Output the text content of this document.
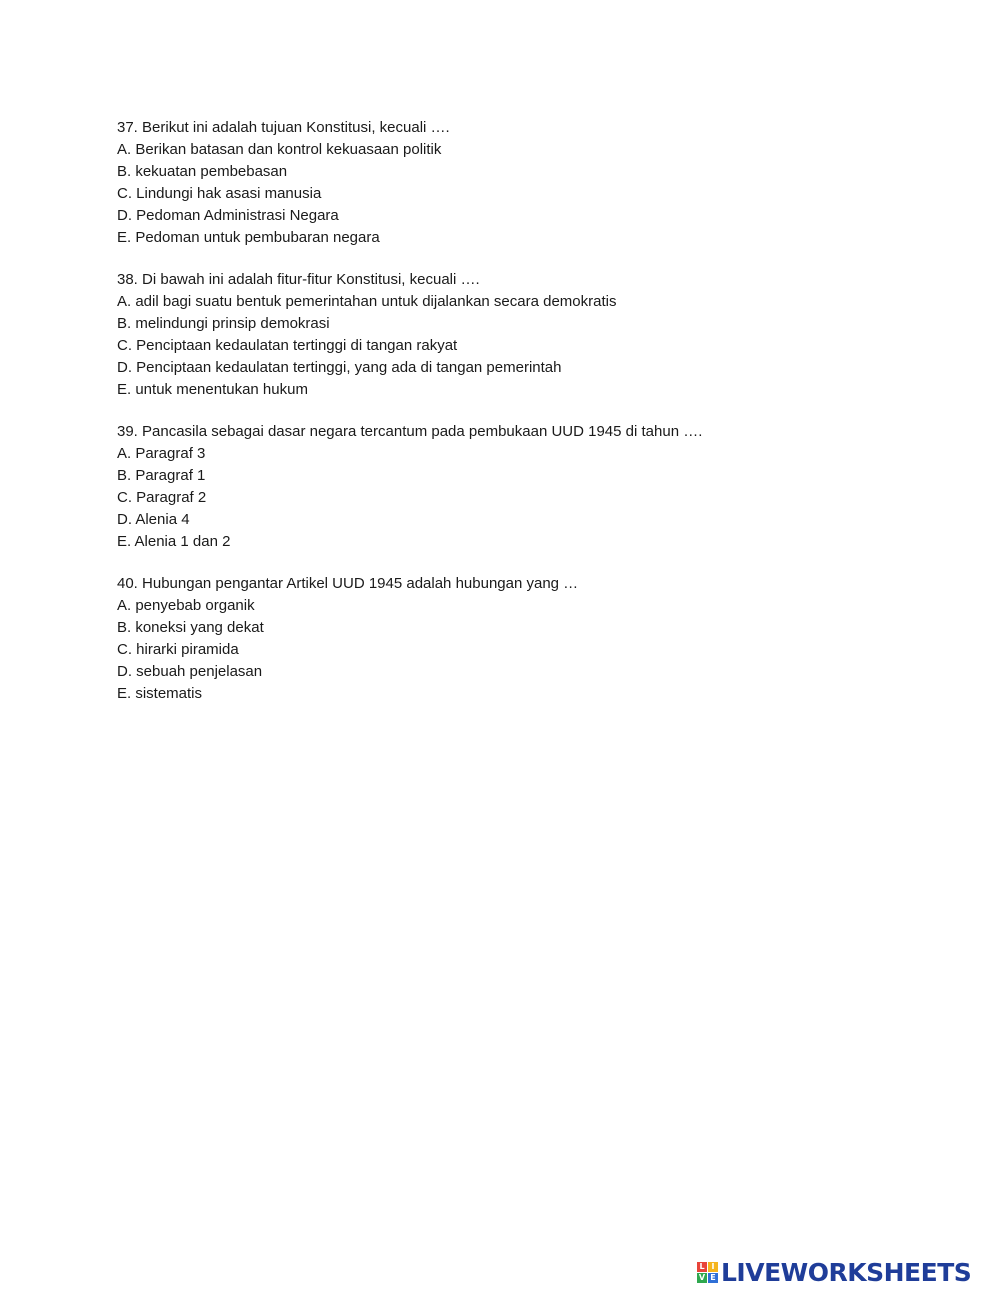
37. Berikut ini adalah tujuan Konstitusi, kecuali ….
A. Berikan batasan dan kontrol kekuasaan politik
B. kekuatan pembebasan
C. Lindungi hak asasi manusia
D. Pedoman Administrasi Negara
E. Pedoman untuk pembubaran negara
38. Di bawah ini adalah fitur-fitur Konstitusi, kecuali ….
A. adil bagi suatu bentuk pemerintahan untuk dijalankan secara demokratis
B. melindungi prinsip demokrasi
C. Penciptaan kedaulatan tertinggi di tangan rakyat
D. Penciptaan kedaulatan tertinggi, yang ada di tangan pemerintah
E. untuk menentukan hukum
39. Pancasila sebagai dasar negara tercantum pada pembukaan UUD 1945 di tahun ….
A. Paragraf 3
B. Paragraf 1
C. Paragraf 2
D. Alenia 4
E. Alenia 1 dan 2
40. Hubungan pengantar Artikel UUD 1945 adalah hubungan yang …
A. penyebab organik
B. koneksi yang dekat
C. hirarki piramida
D. sebuah penjelasan
E. sistematis
L I
V E LIVEWORKSHEETS
